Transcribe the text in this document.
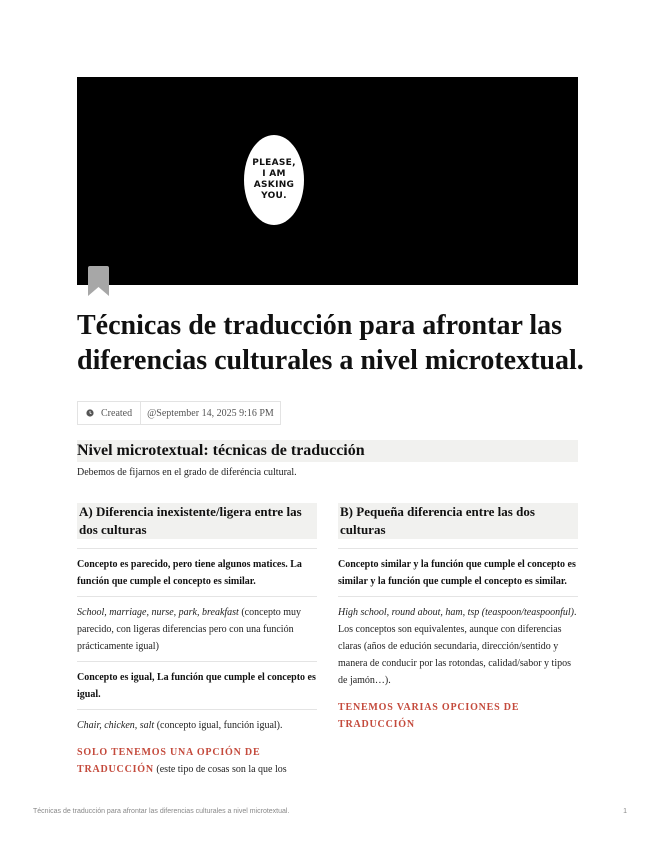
PLEASE,
I AM
ASKING
YOU.
Técnicas de traducción para afrontar las diferencias culturales a nivel microtextual.
Created @September 14, 2025 9:16 PM
Nivel microtextual: técnicas de traducción
Debemos de fijarnos en el grado de diferéncia cultural.
A) Diferencia inexistente/ligera entre las dos culturas
Concepto es parecido, pero tiene algunos matices. La función que cumple el concepto es similar.
School, marriage, nurse, park, breakfast (concepto muy parecido, con ligeras diferencias pero con una función prácticamente igual)
Concepto es igual, La función que cumple el concepto es igual.
Chair, chicken, salt (concepto igual, función igual).
SOLO TENEMOS UNA OPCIÓN DE TRADUCCIÓN (este tipo de cosas son la que los
B) Pequeña diferencia entre las dos culturas
Concepto similar y la función que cumple el concepto es similar y la función que cumple el concepto es similar.
High school, round about, ham, tsp (teaspoon/teaspoonful). Los conceptos son equivalentes, aunque con diferencias claras (años de edución secundaria, dirección/sentido y manera de conducir por las rotondas, calidad/sabor y tipos de jamón…).
TENEMOS VARIAS OPCIONES DE TRADUCCIÓN
Técnicas de traducción para afrontar las diferencias culturales a nivel microtextual.	1
